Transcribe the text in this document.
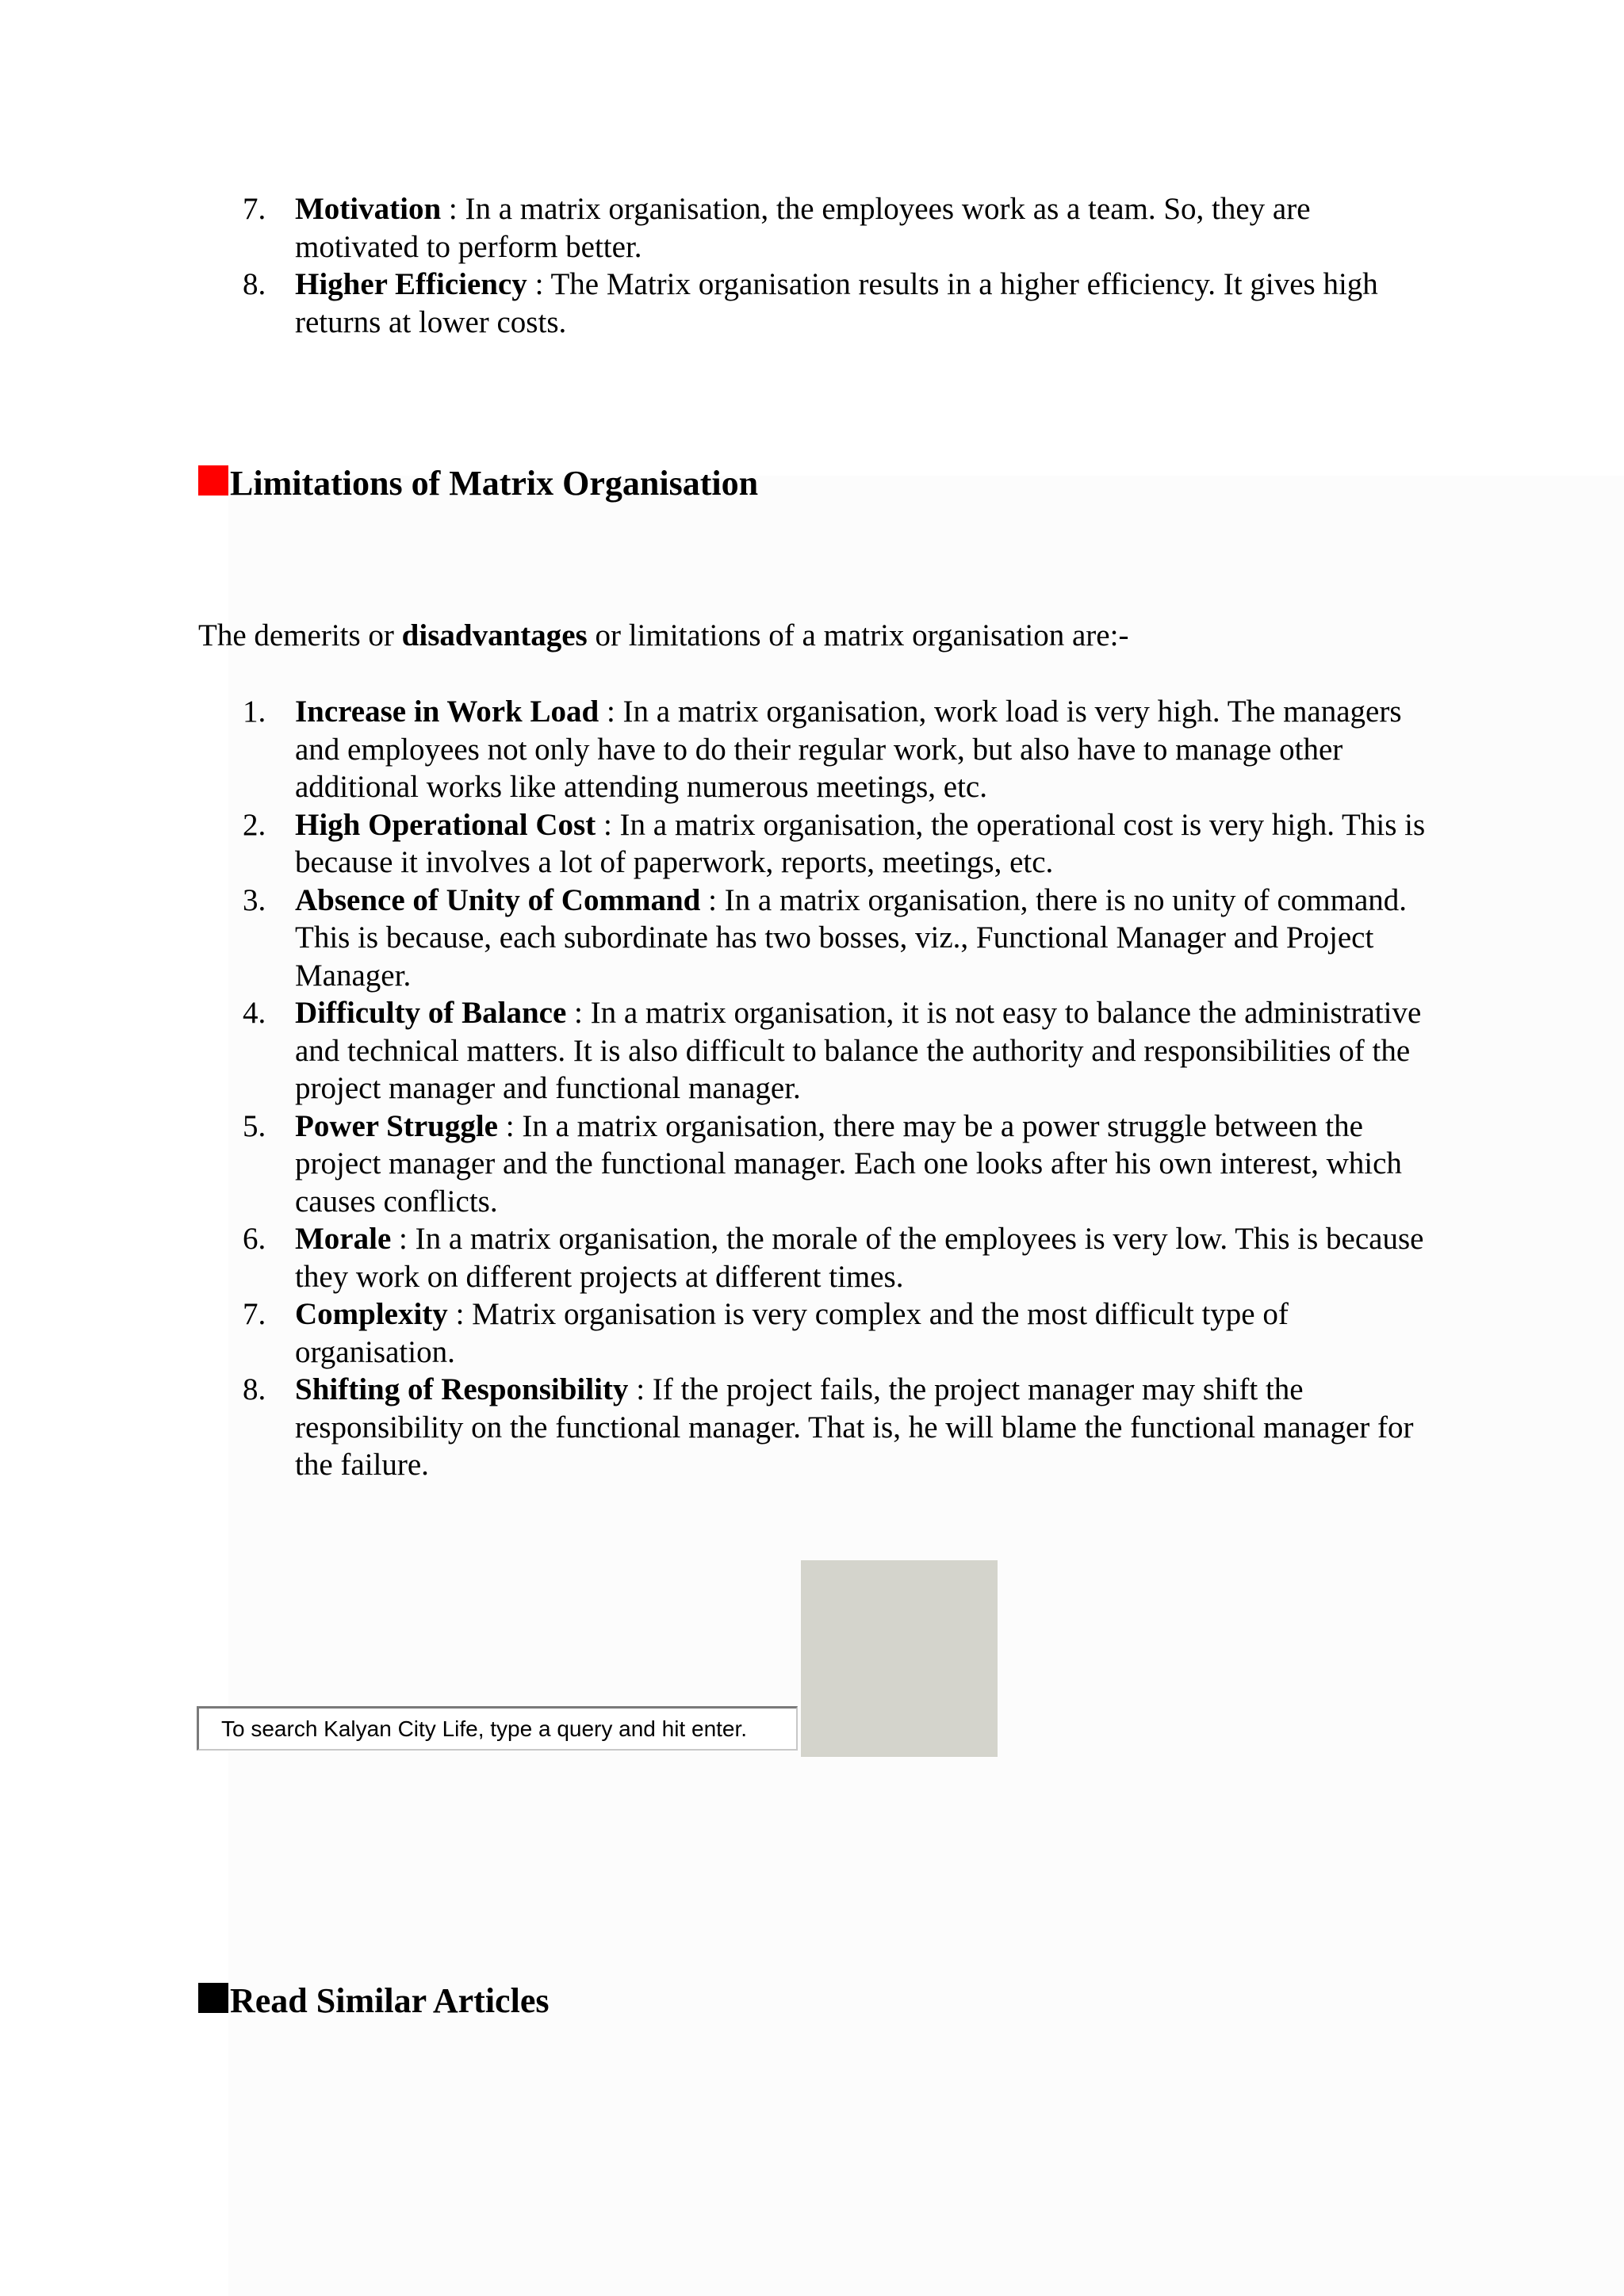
7. Motivation : In a matrix organisation, the employees work as a team. So, they are motivated to perform better.
8. Higher Efficiency : The Matrix organisation results in a higher efficiency. It gives high returns at lower costs.
Limitations of Matrix Organisation

The demerits or disadvantages or limitations of a matrix organisation are:-

1. Increase in Work Load : In a matrix organisation, work load is very high. The managers and employees not only have to do their regular work, but also have to manage other additional works like attending numerous meetings, etc.
2. High Operational Cost : In a matrix organisation, the operational cost is very high. This is because it involves a lot of paperwork, reports, meetings, etc.
3. Absence of Unity of Command : In a matrix organisation, there is no unity of command. This is because, each subordinate has two bosses, viz., Functional Manager and Project Manager.
4. Difficulty of Balance : In a matrix organisation, it is not easy to balance the administrative and technical matters. It is also difficult to balance the authority and responsibilities of the project manager and functional manager.
5. Power Struggle : In a matrix organisation, there may be a power struggle between the project manager and the functional manager. Each one looks after his own interest, which causes conflicts.
6. Morale : In a matrix organisation, the morale of the employees is very low. This is because they work on different projects at different times.
7. Complexity : Matrix organisation is very complex and the most difficult type of organisation.
8. Shifting of Responsibility : If the project fails, the project manager may shift the responsibility on the functional manager. That is, he will blame the functional manager for the failure.
To search Kalyan City Life, type a query and hit enter.
Read Similar Articles
